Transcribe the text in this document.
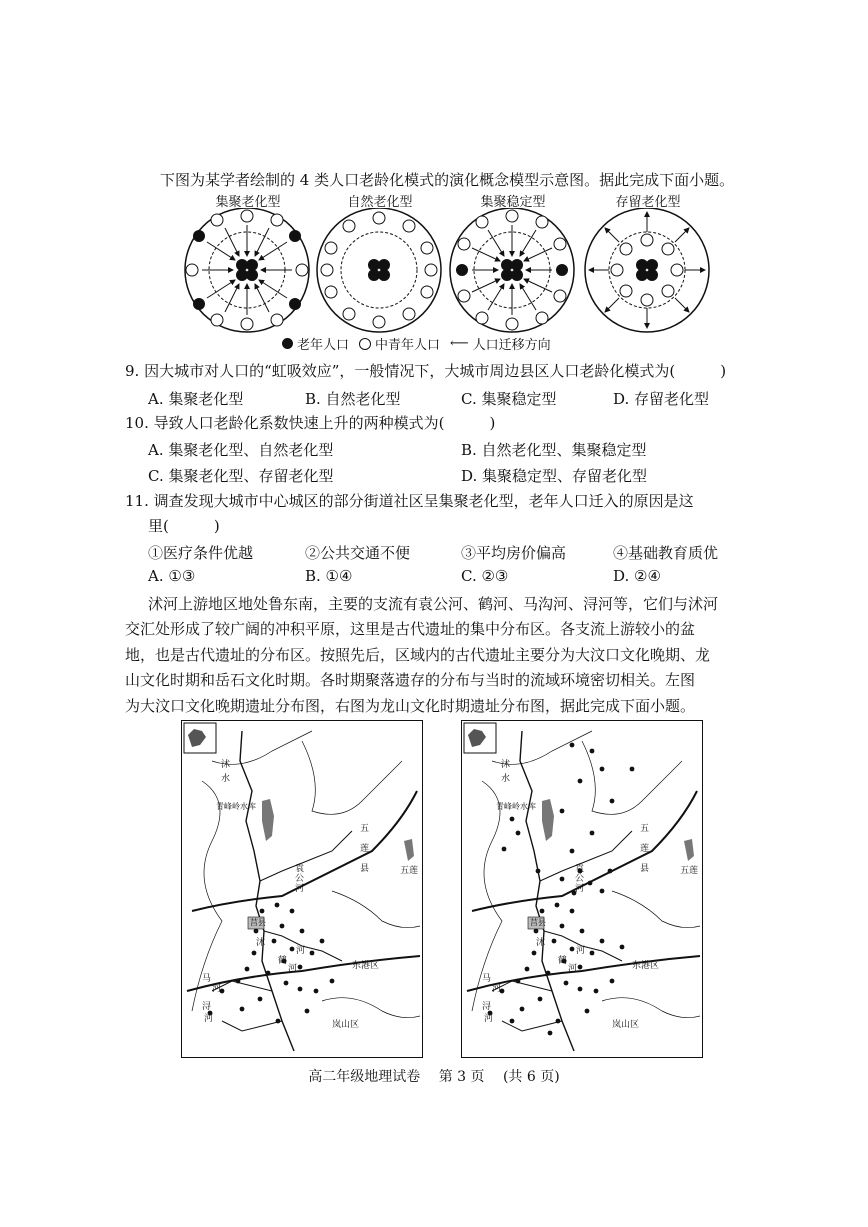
下图为某学者绘制的 4 类人口老龄化模式的演化概念模型示意图。据此完成下面小题。
集聚老化型	自然老化型	集聚稳定型	存留老化型
老年人口 中青年人口 ⟵ 人口迁移方向
9. 因大城市对人口的“虹吸效应”，一般情况下，大城市周边县区人口老龄化模式为(　　　)
A. 集聚老化型	B. 自然老化型	C. 集聚稳定型	D. 存留老化型
10. 导致人口老龄化系数快速上升的两种模式为(　　　)
A. 集聚老化型、自然老化型	B. 自然老化型、集聚稳定型
C. 集聚老化型、存留老化型	D. 集聚稳定型、存留老化型
11. 调查发现大城市中心城区的部分街道社区呈集聚老化型，老年人口迁入的原因是这
里(　　　)
①医疗条件优越	②公共交通不便	③平均房价偏高	④基础教育质优
A. ①③	B. ①④	C. ②③	D. ②④
沭河上游地区地处鲁东南，主要的支流有袁公河、鹤河、马沟河、浔河等，它们与沭河
交汇处形成了较广阔的冲积平原，这里是古代遗址的集中分布区。各支流上游较小的盆
地，也是古代遗址的分布区。按照先后，区域内的古代遗址主要分为大汶口文化晚期、龙
山文化时期和岳石文化时期。各时期聚落遗存的分布与当时的流域环境密切相关。左图
为大汶口文化晚期遗址分布图，右图为龙山文化时期遗址分布图，据此完成下面小题。
沭
水
青峰岭水库
五
莲
县	五莲
袁
公
河
莒县
沭
河
鹤
河	东港区
马
河
浔
河
岚山区
沭
水
青峰岭水库
五
莲
县	五莲
袁
公
河
莒县
沭
河
鹤
河	东港区
马
河
浔
河
岚山区
高二年级地理试卷　 第 3 页　 (共 6 页)
